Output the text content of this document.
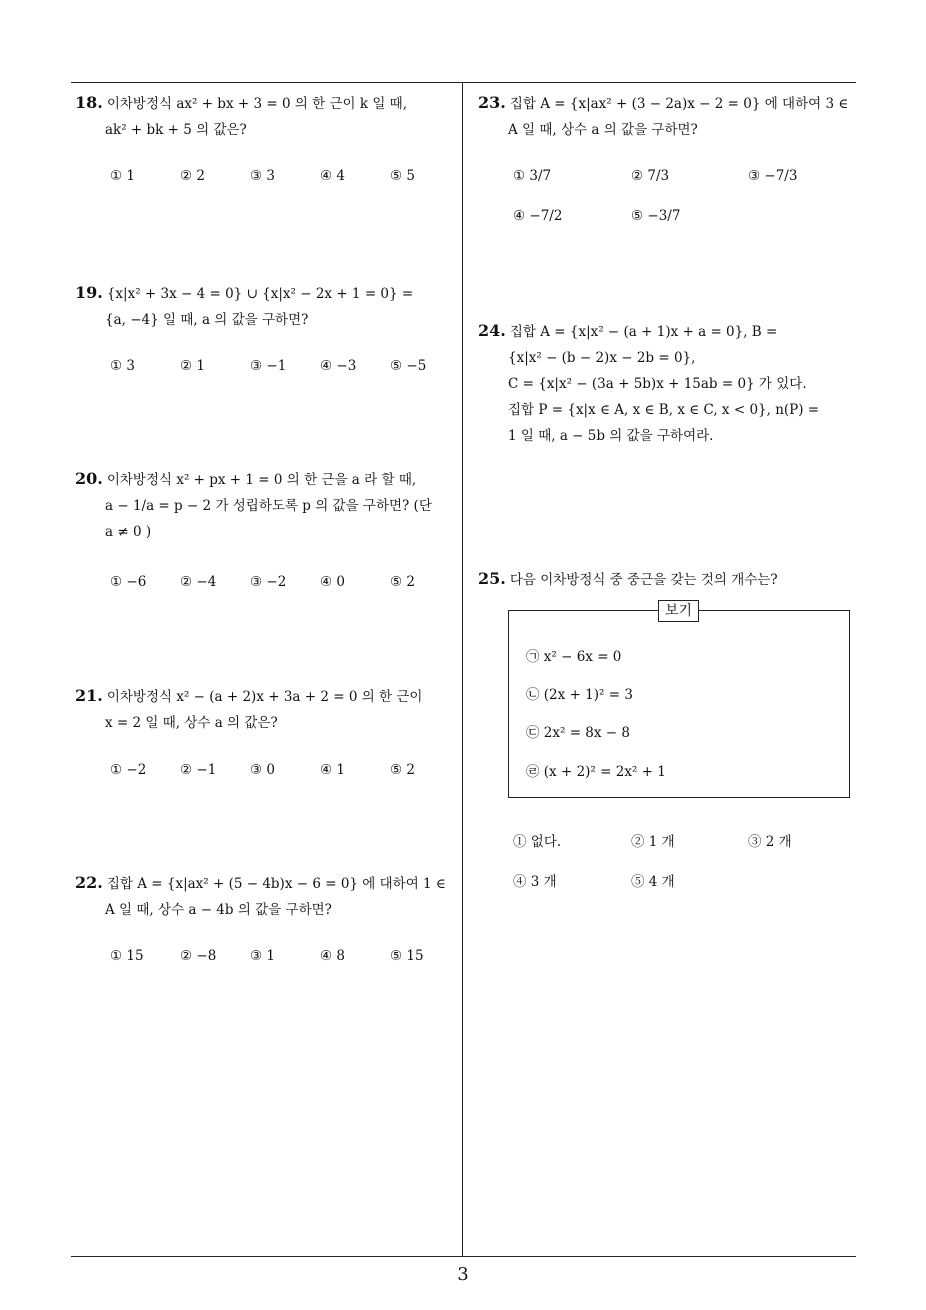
3
18. 이차방정식 ax² + bx + 3 = 0 의 한 근이 k 일 때,
ak² + bk + 5 의 값은?
① 1	② 2	③ 3	④ 4	⑤ 5
19. {x|x² + 3x − 4 = 0} ∪ {x|x² − 2x + 1 = 0} =
{a, −4} 일 때, a 의 값을 구하면?
① 3	② 1	③ −1 ④ −3 ⑤ −5
20. 이차방정식 x² + px + 1 = 0 의 한 근을 a 라 할 때,
a − 1/a = p − 2 가 성립하도록 p 의 값을 구하면? (단
a ≠ 0 )
① −6 ② −4 ③ −2 ④ 0	⑤ 2
21. 이차방정식 x² − (a + 2)x + 3a + 2 = 0 의 한 근이
x = 2 일 때, 상수 a 의 값은?
① −2 ② −1 ③ 0	④ 1	⑤ 2
22. 집합 A = {x|ax² + (5 − 4b)x − 6 = 0} 에 대하여 1 ∈
A 일 때, 상수 a − 4b 의 값을 구하면?
① 15	② −8 ③ 1	④ 8	⑤ 15
23. 집합 A = {x|ax² + (3 − 2a)x − 2 = 0} 에 대하여 3 ∈
A 일 때, 상수 a 의 값을 구하면?
① 3/7	② 7/3	③ −7/3
④ −7/2	⑤ −3/7
24. 집합 A = {x|x² − (a + 1)x + a = 0}, B =
{x|x² − (b − 2)x − 2b = 0},
C = {x|x² − (3a + 5b)x + 15ab = 0} 가 있다.
집합 P = {x|x ∈ A, x ∈ B, x ∈ C, x < 0}, n(P) =
1 일 때, a − 5b 의 값을 구하여라.
25. 다음 이차방정식 중 중근을 갖는 것의 개수는?
보기
㉠ x² − 6x = 0
㉡ (2x + 1)² = 3
㉢ 2x² = 8x − 8
㉣ (x + 2)² = 2x² + 1
① 없다.	② 1 개	③ 2 개
④ 3 개	⑤ 4 개
